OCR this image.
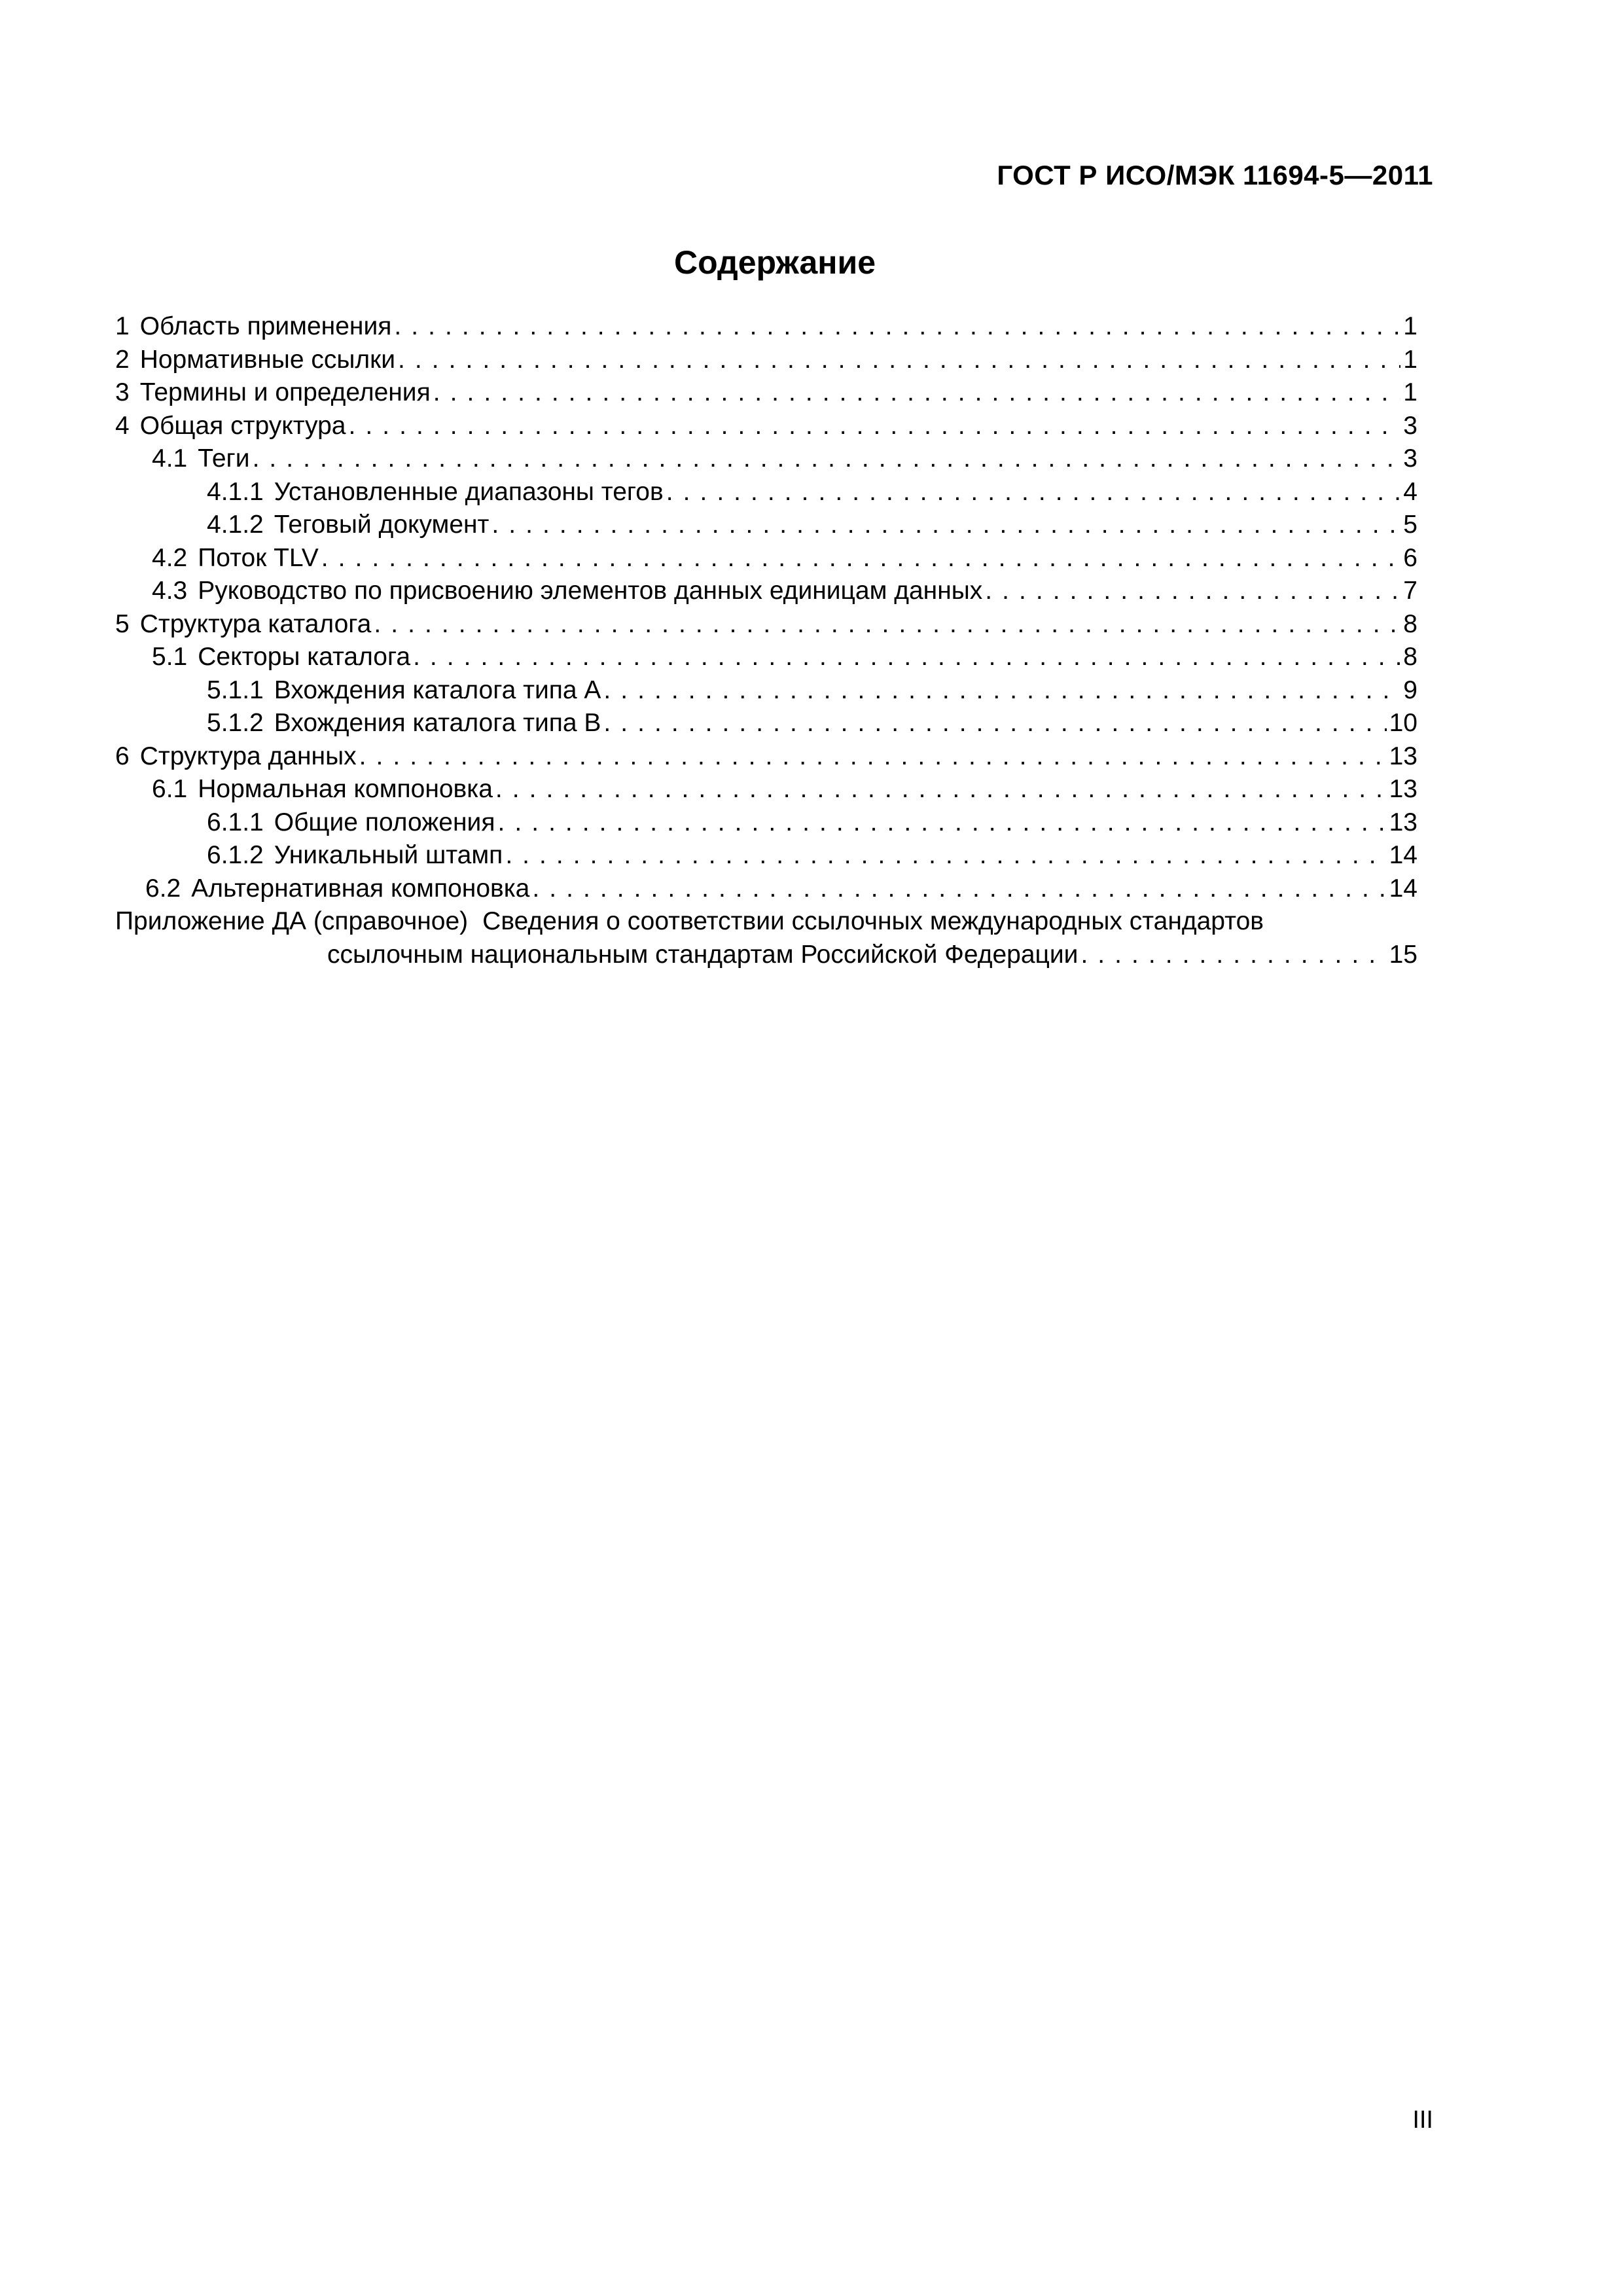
ГОСТ Р ИСО/МЭК 11694-5—2011
Содержание
1 Область применения . . .	1
2 Нормативные ссылки . . .	1
3 Термины и определения . . .	1
4 Общая структура . . .	3
4.1 Теги . . .	3
4.1.1 Установленные диапазоны тегов . . .	4
4.1.2 Теговый документ . . .	5
4.2 Поток TLV . . .	6
4.3 Руководство по присвоению элементов данных единицам данных . . .	7
5 Структура каталога . . .	8
5.1 Секторы каталога . . .	8
5.1.1 Вхождения каталога типа А . . .	9
5.1.2 Вхождения каталога типа В . . .	10
6 Структура данных . . .	13
6.1 Нормальная компоновка . . .	13
6.1.1 Общие положения . . .	13
6.1.2 Уникальный штамп . . .	14
6.2 Альтернативная компоновка . . .	14
Приложение ДА (справочное) Сведения о соответствии ссылочных международных стандартов
ссылочным национальным стандартам Российской Федерации . . .	15
III
